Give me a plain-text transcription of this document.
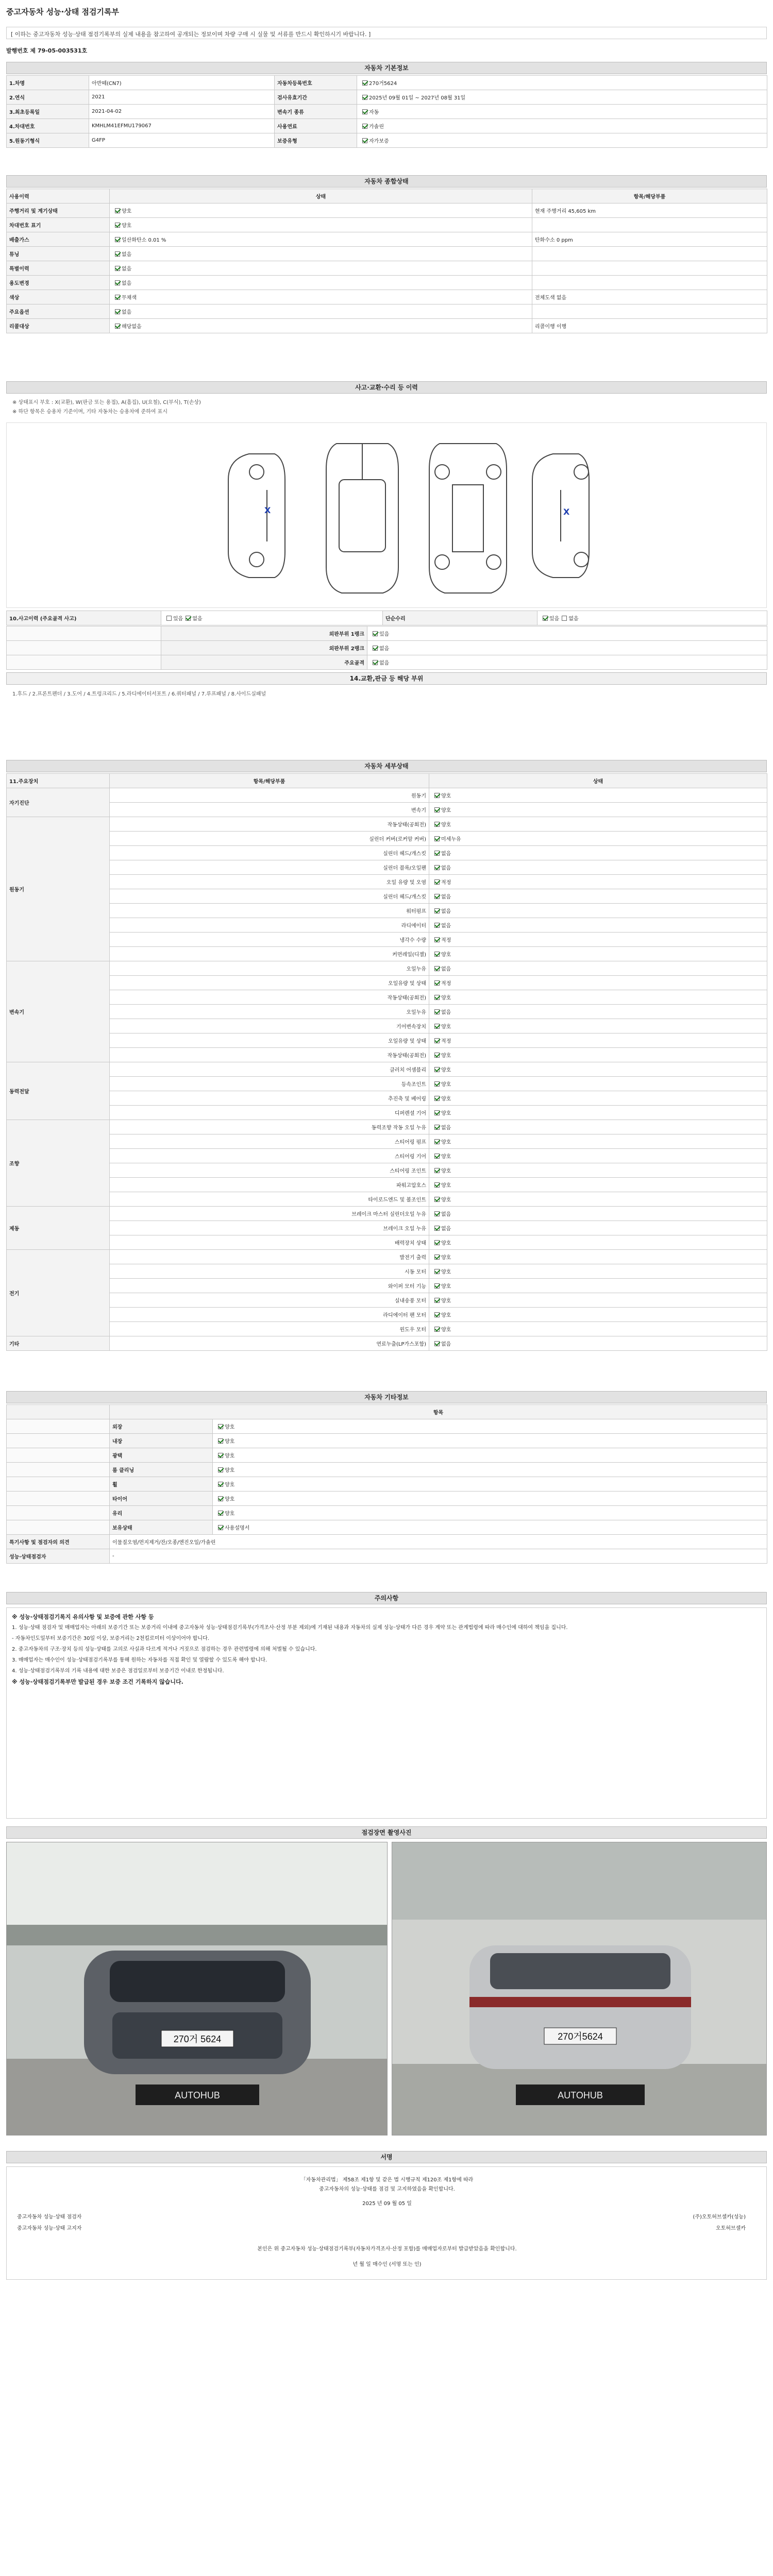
중고자동차 성능·상태 점검기록부
[ 이하는 중고자동차 성능·상태 점검기록부의 실제 내용을 참고하여 공개되는 정보이며 차량 구매 시 실물 및 서류를 반드시 확인하시기 바랍니다. ]
발행번호 제 79-05-003531호
자동차 기본정보
1.차명	아반떼(CN7)	자동차등록번호	270거5624
2.연식	2021	검사유효기간	2025년 09월 01일 ~ 2027년 08월 31일
3.최초등록일	2021-04-02	변속기 종류	자동
4.차대번호	KMHLM41EFMU179067	사용연료	가솔린
5.원동기형식	G4FP	보증유형	자가보증
자동차 종합상태
사용이력	상태	항목/해당부품
주행거리 및 계기상태	양호	현재 주행거리 45,605 km
차대번호 표기	양호	
배출가스	일산화탄소 0.01 %	탄화수소 0 ppm
튜닝	없음	
특별이력	없음	
용도변경	없음	
색상	무채색	전체도색 없음
주요옵션	없음	
리콜대상	해당없음	리콜이행 이행
사고·교환·수리 등 이력
※ 상태표시 부호 : X(교환), W(판금 또는 용접), A(흠집), U(요철), C(부식), T(손상)
※ 하단 항목은 승용차 기준이며, 기타 자동차는 승용차에 준하여 표시
X	X
10.사고이력 (주요골격 사고)	있음 없음	단순수리	있음 없음
	외판부위 1랭크	있음
	외판부위 2랭크	없음
	주요골격	없음
14.교환,판금 등 해당 부위
1.후드 / 2.프론트펜더 / 3.도어 / 4.트렁크리드 / 5.라디에이터서포트 / 6.쿼터패널 / 7.루프패널 / 8.사이드실패널
자동차 세부상태
11.주요장치	항목/해당부품	상태
자기진단	원동기	양호
	변속기	양호
원동기	작동상태(공회전)	양호
	실린더 커버(로커암 커버)	미세누유
	실린더 헤드/개스킷	없음
	실린더 블록/오일팬	없음
	오일 유량 및 오염	적정
	실린더 헤드/개스킷	없음
	워터펌프	없음
	라디에이터	없음
	냉각수 수량	적정
	커먼레일(디젤)	양호
변속기	오일누유	없음
	오일유량 및 상태	적정
	작동상태(공회전)	양호
	오일누유	없음
	기어변속장치	양호
	오일유량 및 상태	적정
	작동상태(공회전)	양호
동력전달	클러치 어셈블리	양호
	등속조인트	양호
	추진축 및 베어링	양호
	디퍼렌셜 기어	양호
조향	동력조향 작동 오일 누유	없음
	스티어링 펌프	양호
	스티어링 기어	양호
	스티어링 조인트	양호
	파워고압호스	양호
	타이로드엔드 및 볼조인트	양호
제동	브레이크 마스터 실린더오일 누유	없음
	브레이크 오일 누유	없음
	배력장치 상태	양호
전기	발전기 출력	양호
	시동 모터	양호
	와이퍼 모터 기능	양호
	실내송풍 모터	양호
	라디에이터 팬 모터	양호
	윈도우 모터	양호
기타	연료누출(LP가스포함)	없음
자동차 기타정보
	항목	
	외장	양호
	내장	양호
	광택	양호
	룸 클리닝	양호
	휠	양호
	타이어	양호
	유리	양호
	보유상태	사용설명서
특기사항 및 점검자의 의견	이물질오염/먼지제거/잔/오종/엔진오일/가솔린	
성능·상태점검자	-	
주의사항

※ 성능·상태점검기록지 유의사항 및 보증에 관한 사항 등

1. 성능·상태 점검자 및 매매업자는 아래의 보증기간 또는 보증거리 이내에 중고자동차 성능·상태점검기록부(가격조사·산정 부분 제외)에 기재된 내용과 자동차의 실제 성능·상태가 다른 경우 계약 또는 관계법령에 따라 매수인에 대하여 책임을 집니다.

- 자동차인도일부터 보증기간은 30일 이상, 보증거리는 2천킬로미터 이상이어야 합니다.

2. 중고자동차의 구조·장치 등의 성능·상태를 고의로 사실과 다르게 적거나 거짓으로 점검하는 경우 관련법령에 의해 처벌될 수 있습니다.

3. 매매업자는 매수인이 성능·상태점검기록부를 통해 원하는 자동차를 직접 확인 및 열람할 수 있도록 해야 합니다.

4. 성능·상태점검기록부의 기록 내용에 대한 보증은 점검일로부터 보증기간 이내로 한정됩니다.

※ 성능·상태점검기록부만 발급된 경우 보증 조건 기록하지 않습니다.

점검장면 촬영사진
270거 5624
AUTOHUB
270거5624
AUTOHUB
서명
「자동차관리법」 제58조 제1항 및 같은 법 시행규칙 제120조 제1항에 따라
중고자동차의 성능·상태를 점검 및 고지하였음을 확인합니다.
2025 년 09 월 05 일
중고자동차 성능·상태 점검자	(주)오토허브셀카(성능)
중고자동차 성능·상태 고지자	오토허브셀카
본인은 위 중고자동차 성능·상태점검기록부(자동차가격조사·산정 포함)를 매매업자로부터 발급받았음을 확인합니다.
년 월 일 매수인 (서명 또는 인)
